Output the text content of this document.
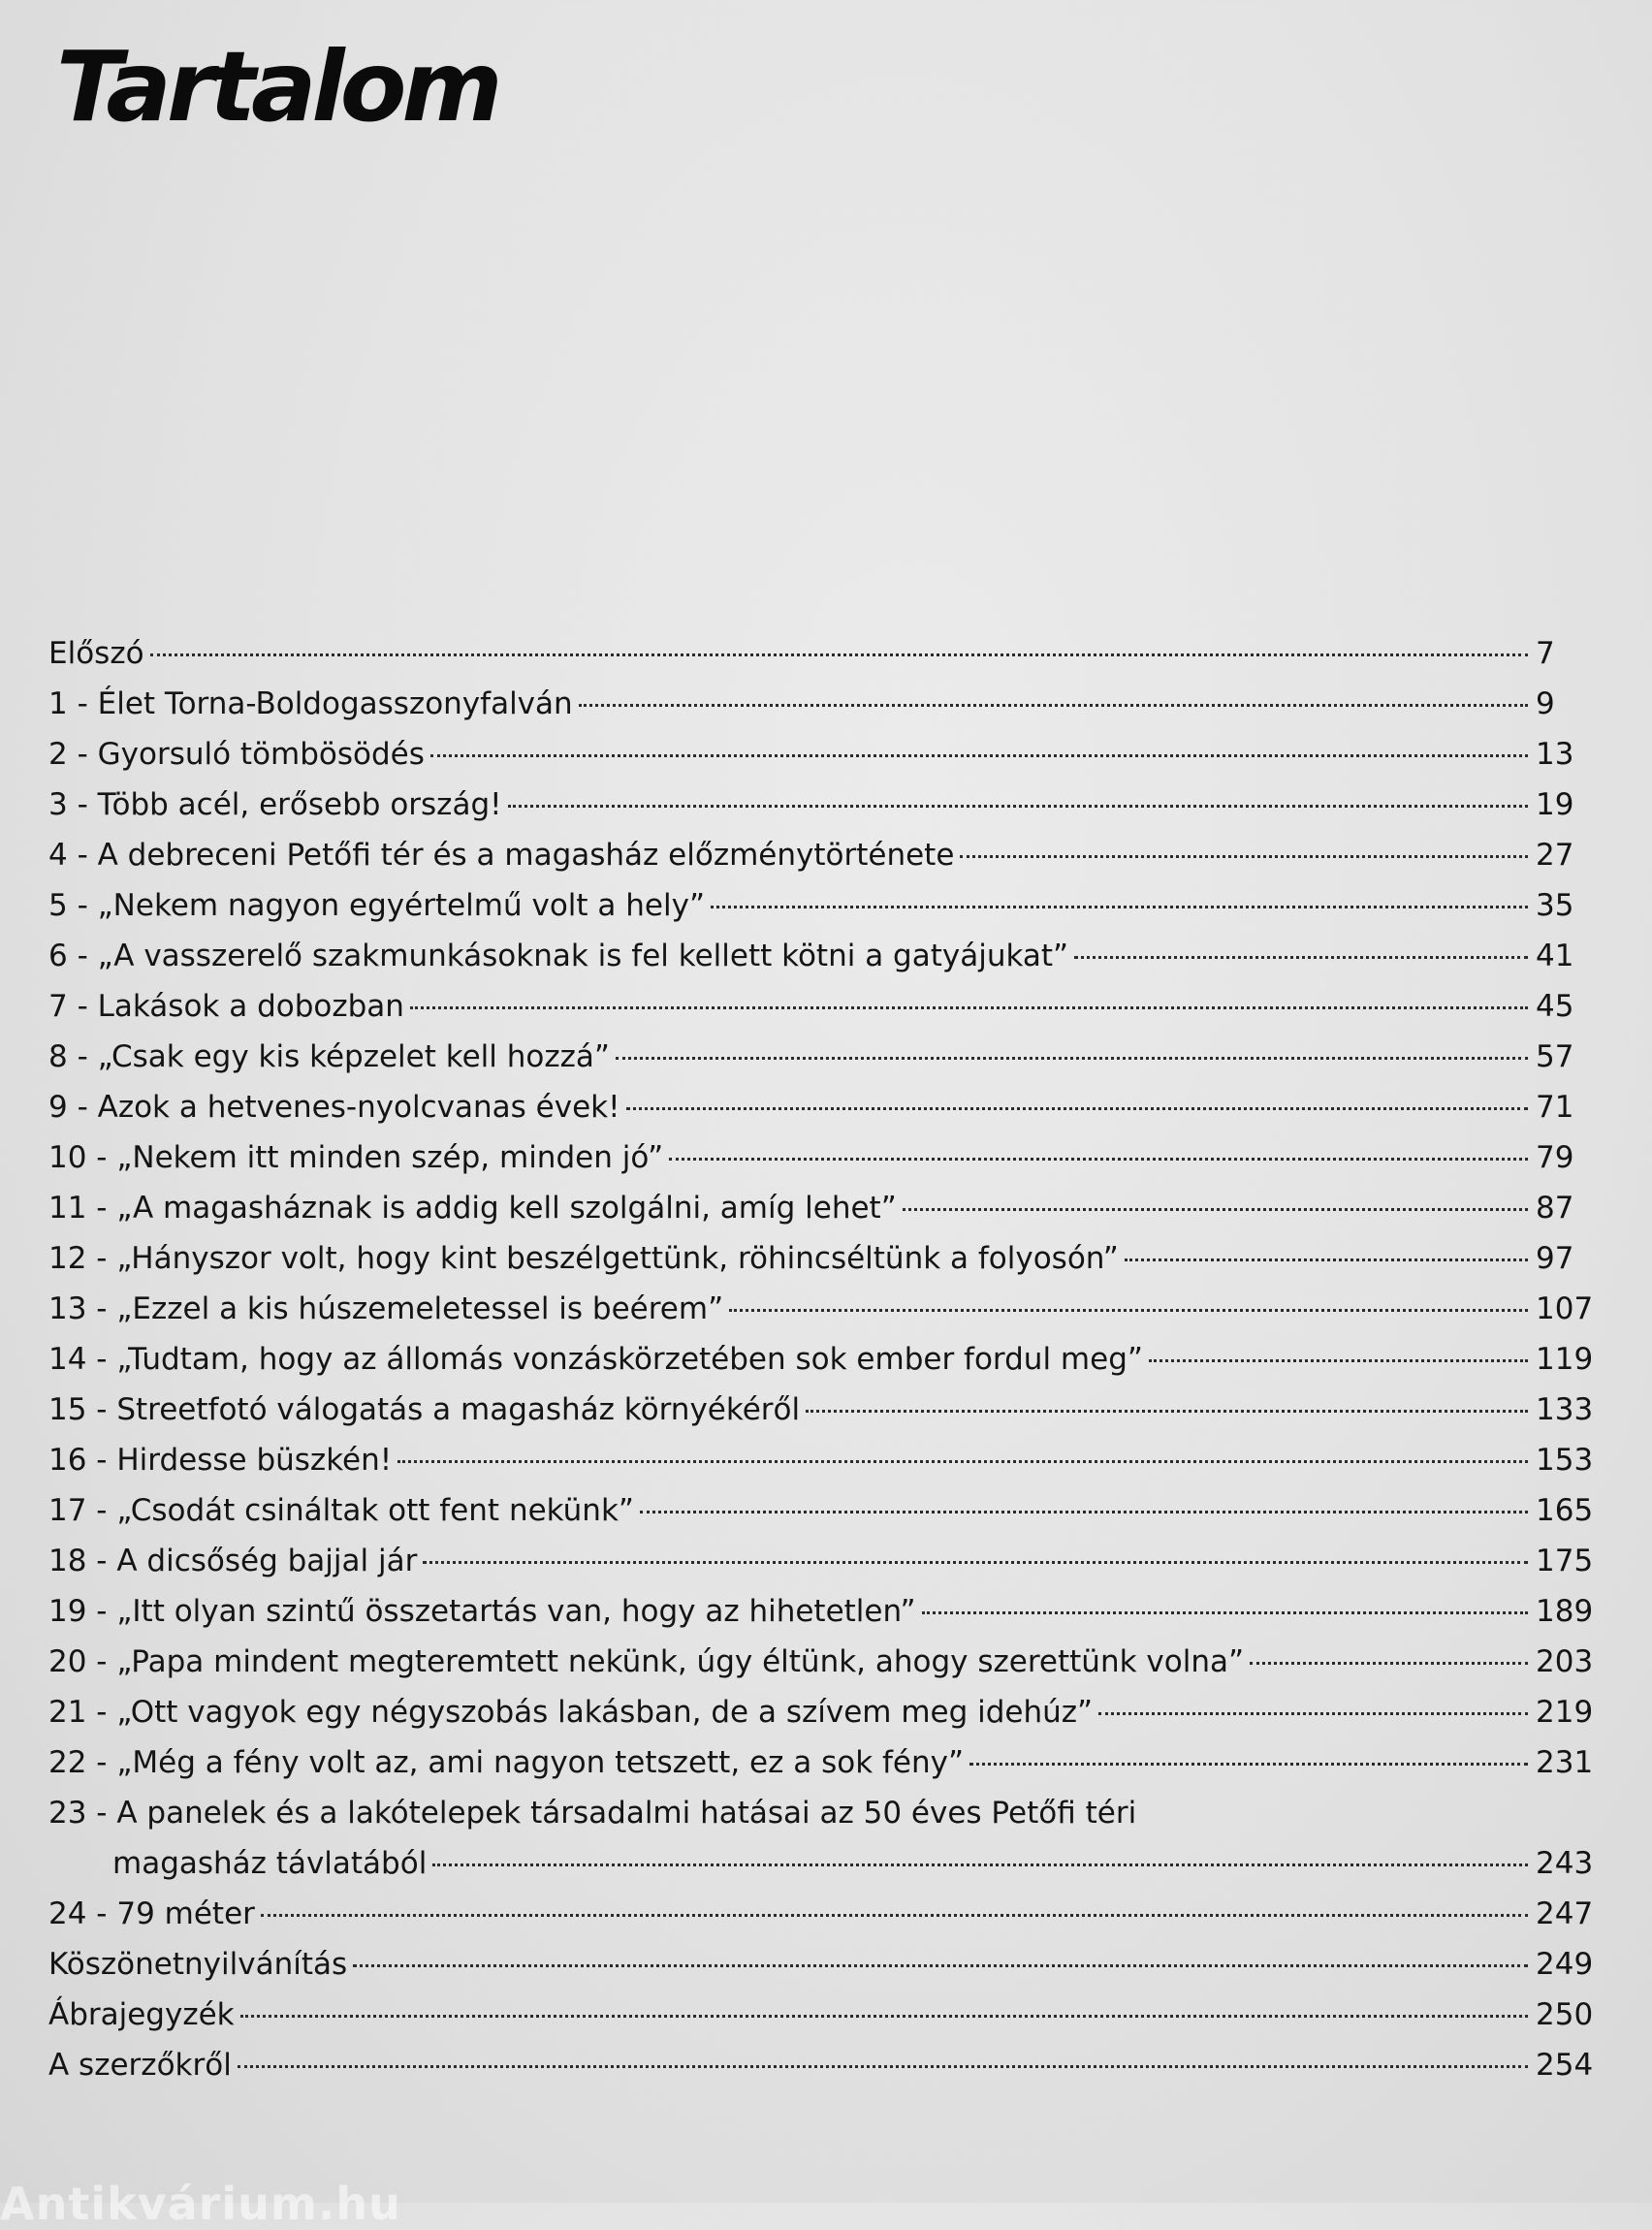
Tartalom
Előszó	7
1 - Élet Torna-Boldogasszonyfalván	9
2 - Gyorsuló tömbösödés	13
3 - Több acél, erősebb ország!	19
4 - A debreceni Petőfi tér és a magasház előzménytörténete	27
5 - „Nekem nagyon egyértelmű volt a hely”	35
6 - „A vasszerelő szakmunkásoknak is fel kellett kötni a gatyájukat”	41
7 - Lakások a dobozban	45
8 - „Csak egy kis képzelet kell hozzá”	57
9 - Azok a hetvenes-nyolcvanas évek!	71
10 - „Nekem itt minden szép, minden jó”	79
11 - „A magasháznak is addig kell szolgálni, amíg lehet”	87
12 - „Hányszor volt, hogy kint beszélgettünk, röhincséltünk a folyosón”	97
13 - „Ezzel a kis húszemeletessel is beérem”	107
14 - „Tudtam, hogy az állomás vonzáskörzetében sok ember fordul meg”	119
15 - Streetfotó válogatás a magasház környékéről	133
16 - Hirdesse büszkén!	153
17 - „Csodát csináltak ott fent nekünk”	165
18 - A dicsőség bajjal jár	175
19 - „Itt olyan szintű összetartás van, hogy az hihetetlen”	189
20 - „Papa mindent megteremtett nekünk, úgy éltünk, ahogy szerettünk volna”	203
21 - „Ott vagyok egy négyszobás lakásban, de a szívem meg idehúz”	219
22 - „Még a fény volt az, ami nagyon tetszett, ez a sok fény”	231
23 - A panelek és a lakótelepek társadalmi hatásai az 50 éves Petőfi téri
magasház távlatából	243
24 - 79 méter	247
Köszönetnyilvánítás	249
Ábrajegyzék	250
A szerzőkről	254
Antikvárium.hu
